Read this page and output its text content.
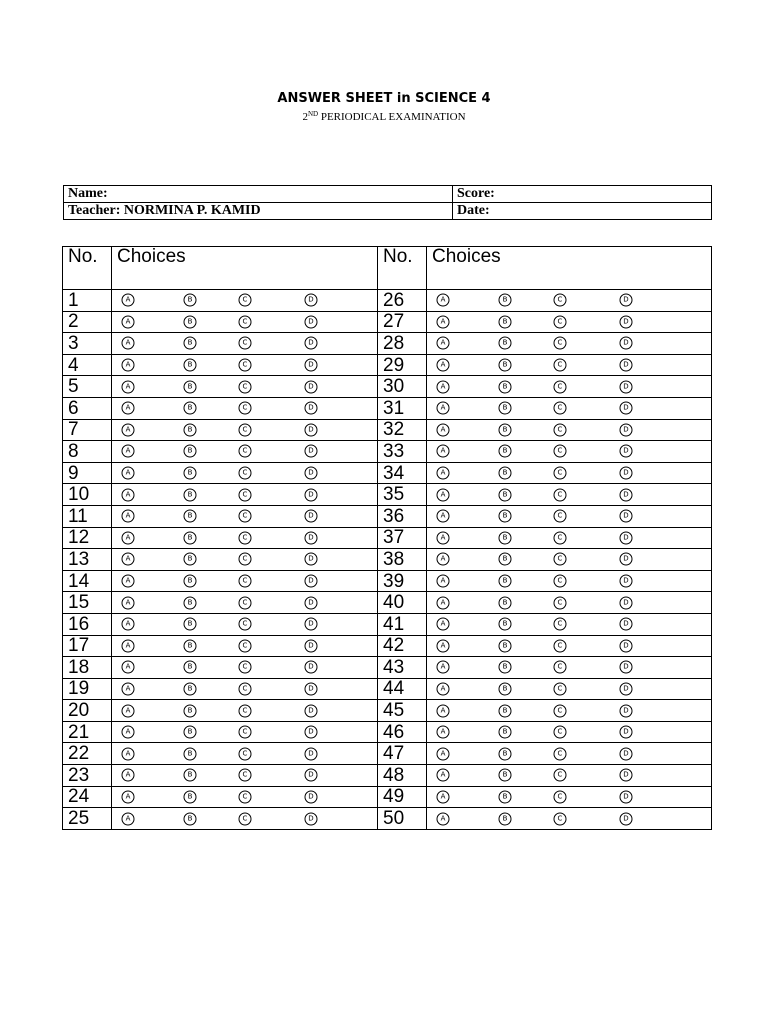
ANSWER SHEET in SCIENCE 4
2ND PERIODICAL EXAMINATION
Name:	Score:
Teacher: NORMINA P. KAMID	Date:
No.	Choices	No.	Choices
1	A B C D	26	A B C D

2	A B C D	27	A B C D

3	A B C D	28	A B C D

4	A B C D	29	A B C D

5	A B C D	30	A B C D

6	A B C D	31	A B C D

7	A B C D	32	A B C D

8	A B C D	33	A B C D

9	A B C D	34	A B C D

10	A B C D	35	A B C D

11	A B C D	36	A B C D

12	A B C D	37	A B C D

13	A B C D	38	A B C D

14	A B C D	39	A B C D

15	A B C D	40	A B C D

16	A B C D	41	A B C D

17	A B C D	42	A B C D

18	A B C D	43	A B C D

19	A B C D	44	A B C D

20	A B C D	45	A B C D

21	A B C D	46	A B C D

22	A B C D	47	A B C D

23	A B C D	48	A B C D

24	A B C D	49	A B C D

25	A B C D	50	A B C D
